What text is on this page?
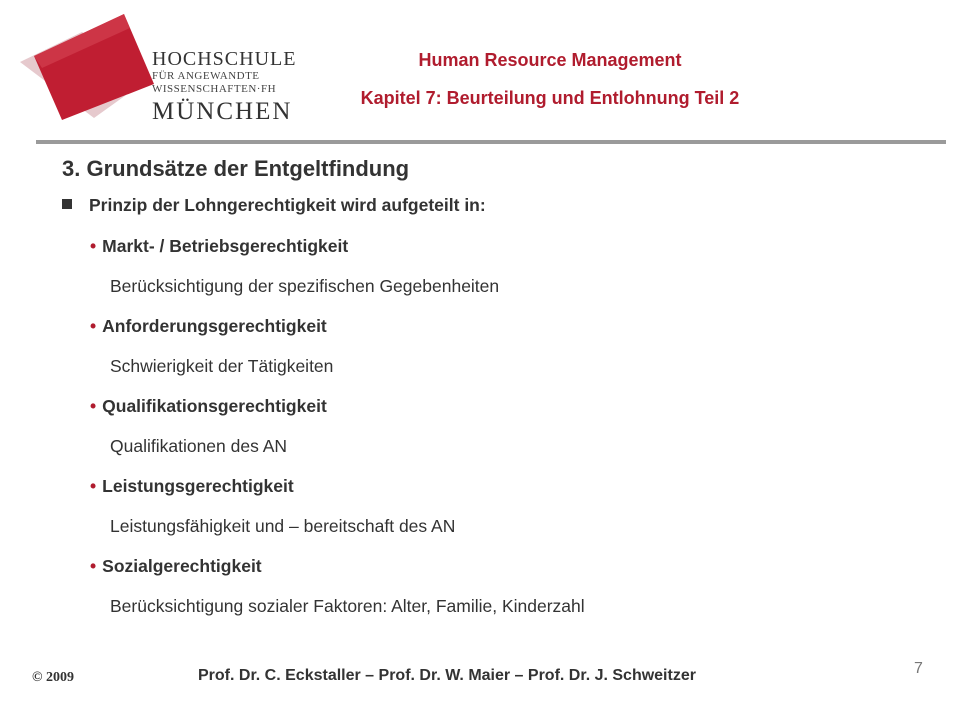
HOCHSCHULE
FÜR ANGEWANDTE
WISSENSCHAFTEN·FH
MÜNCHEN
Human Resource Management
Kapitel 7: Beurteilung und Entlohnung Teil 2
3. Grundsätze der Entgeltfindung
Prinzip der Lohngerechtigkeit wird aufgeteilt in:
• Markt- / Betriebsgerechtigkeit
Berücksichtigung der spezifischen Gegebenheiten
• Anforderungsgerechtigkeit
Schwierigkeit der Tätigkeiten
• Qualifikationsgerechtigkeit
Qualifikationen des AN
• Leistungsgerechtigkeit
Leistungsfähigkeit und – bereitschaft des AN
• Sozialgerechtigkeit
Berücksichtigung sozialer Faktoren: Alter, Familie, Kinderzahl
© 2009	Prof. Dr. C. Eckstaller – Prof. Dr. W. Maier – Prof. Dr. J. Schweitzer	7
